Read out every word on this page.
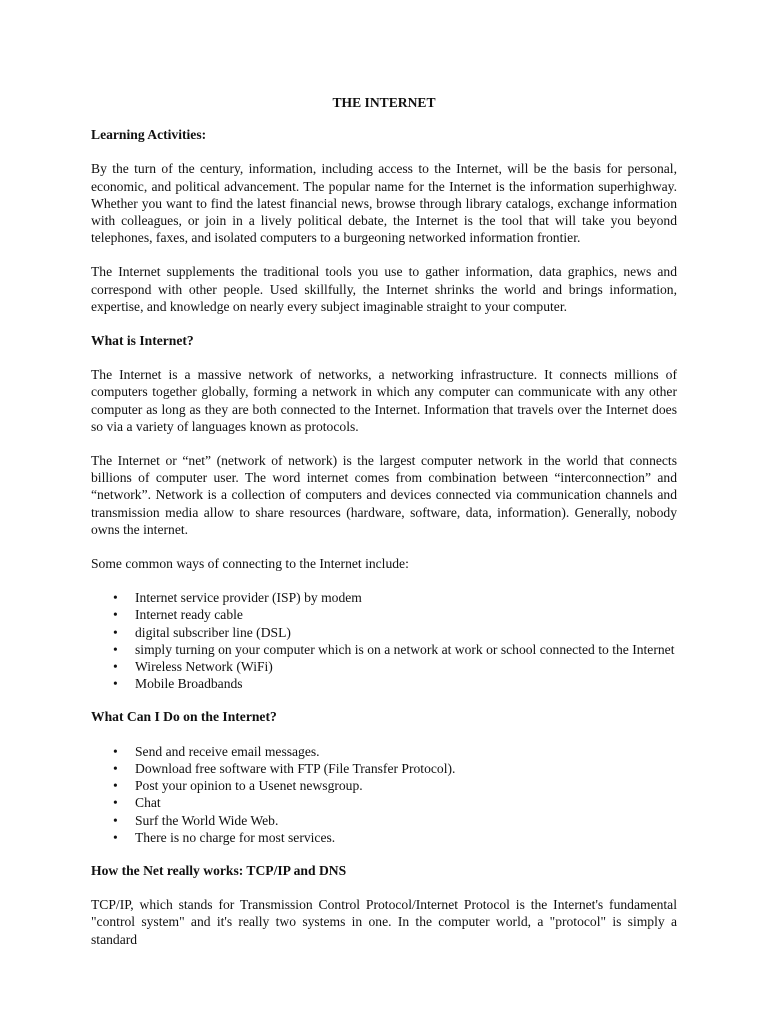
THE INTERNET
Learning Activities:
By the turn of the century, information, including access to the Internet, will be the basis for personal, economic, and political advancement. The popular name for the Internet is the information superhighway. Whether you want to find the latest financial news, browse through library catalogs, exchange information with colleagues, or join in a lively political debate, the Internet is the tool that will take you beyond telephones, faxes, and isolated computers to a burgeoning networked information frontier.
The Internet supplements the traditional tools you use to gather information, data graphics, news and correspond with other people. Used skillfully, the Internet shrinks the world and brings information, expertise, and knowledge on nearly every subject imaginable straight to your computer.
What is Internet?
The Internet is a massive network of networks, a networking infrastructure. It connects millions of computers together globally, forming a network in which any computer can communicate with any other computer as long as they are both connected to the Internet. Information that travels over the Internet does so via a variety of languages known as protocols.
The Internet or “net” (network of network) is the largest computer network in the world that connects billions of computer user. The word internet comes from combination between “interconnection” and “network”. Network is a collection of computers and devices connected via communication channels and transmission media allow to share resources (hardware, software, data, information). Generally, nobody owns the internet.
Some common ways of connecting to the Internet include:
• Internet service provider (ISP) by modem
• Internet ready cable
• digital subscriber line (DSL)
• simply turning on your computer which is on a network at work or school connected to the Internet
• Wireless Network (WiFi)
• Mobile Broadbands
What Can I Do on the Internet?
• Send and receive email messages.
• Download free software with FTP (File Transfer Protocol).
• Post your opinion to a Usenet newsgroup.
• Chat
• Surf the World Wide Web.
• There is no charge for most services.
How the Net really works: TCP/IP and DNS
TCP/IP, which stands for Transmission Control Protocol/Internet Protocol is the Internet's fundamental "control system" and it's really two systems in one. In the computer world, a "protocol" is simply a standard
